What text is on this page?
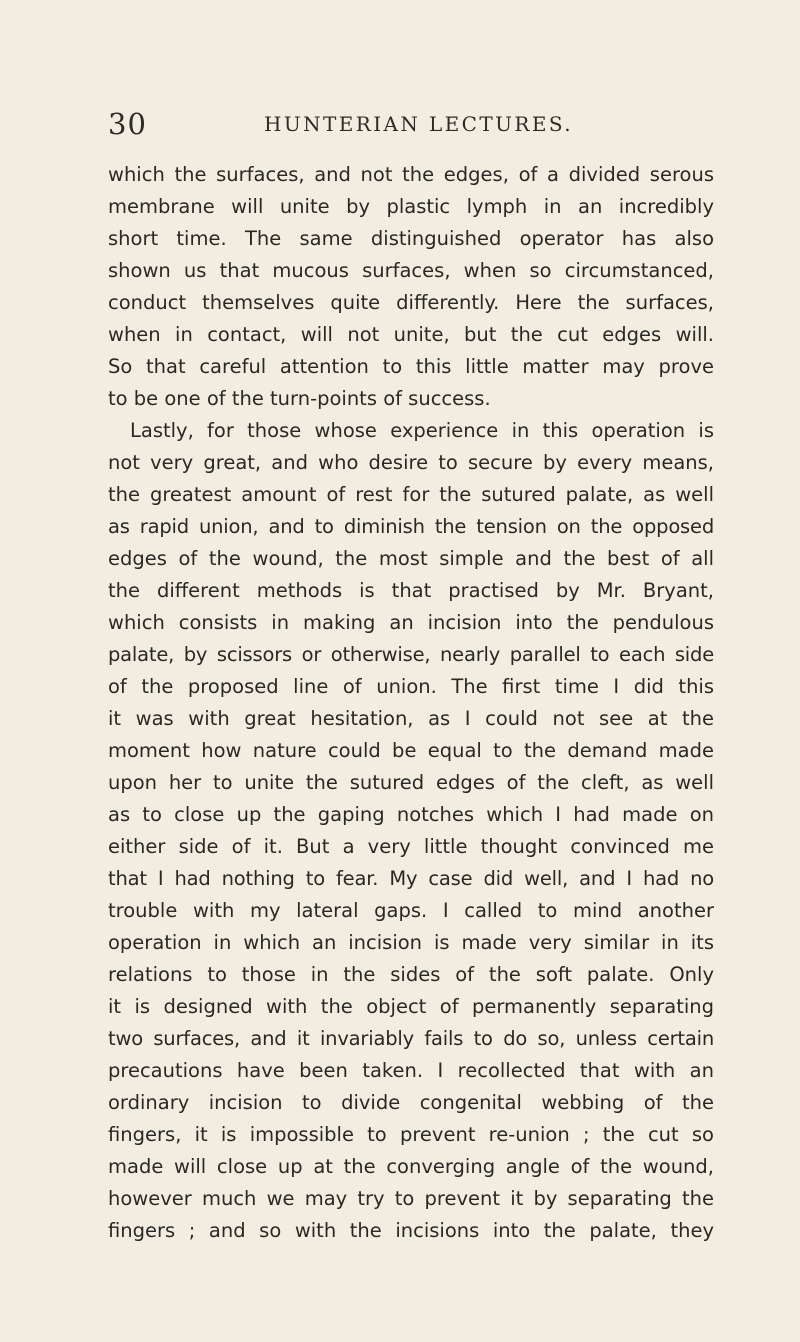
30	HUNTERIAN LECTURES.
which the surfaces, and not the edges, of a divided serous
membrane will unite by plastic lymph in an incredibly
short time. The same distinguished operator has also
shown us that mucous surfaces, when so circumstanced,
conduct themselves quite differently. Here the surfaces,
when in contact, will not unite, but the cut edges will.
So that careful attention to this little matter may prove
to be one of the turn-points of success.
Lastly, for those whose experience in this operation is
not very great, and who desire to secure by every means,
the greatest amount of rest for the sutured palate, as well
as rapid union, and to diminish the tension on the opposed
edges of the wound, the most simple and the best of all
the different methods is that practised by Mr. Bryant,
which consists in making an incision into the pendulous
palate, by scissors or otherwise, nearly parallel to each side
of the proposed line of union. The first time I did this
it was with great hesitation, as I could not see at the
moment how nature could be equal to the demand made
upon her to unite the sutured edges of the cleft, as well
as to close up the gaping notches which I had made on
either side of it. But a very little thought convinced me
that I had nothing to fear. My case did well, and I had no
trouble with my lateral gaps. I called to mind another
operation in which an incision is made very similar in its
relations to those in the sides of the soft palate. Only
it is designed with the object of permanently separating
two surfaces, and it invariably fails to do so, unless certain
precautions have been taken. I recollected that with an
ordinary incision to divide congenital webbing of the
fingers, it is impossible to prevent re-union ; the cut so
made will close up at the converging angle of the wound,
however much we may try to prevent it by separating the
fingers ; and so with the incisions into the palate, they
